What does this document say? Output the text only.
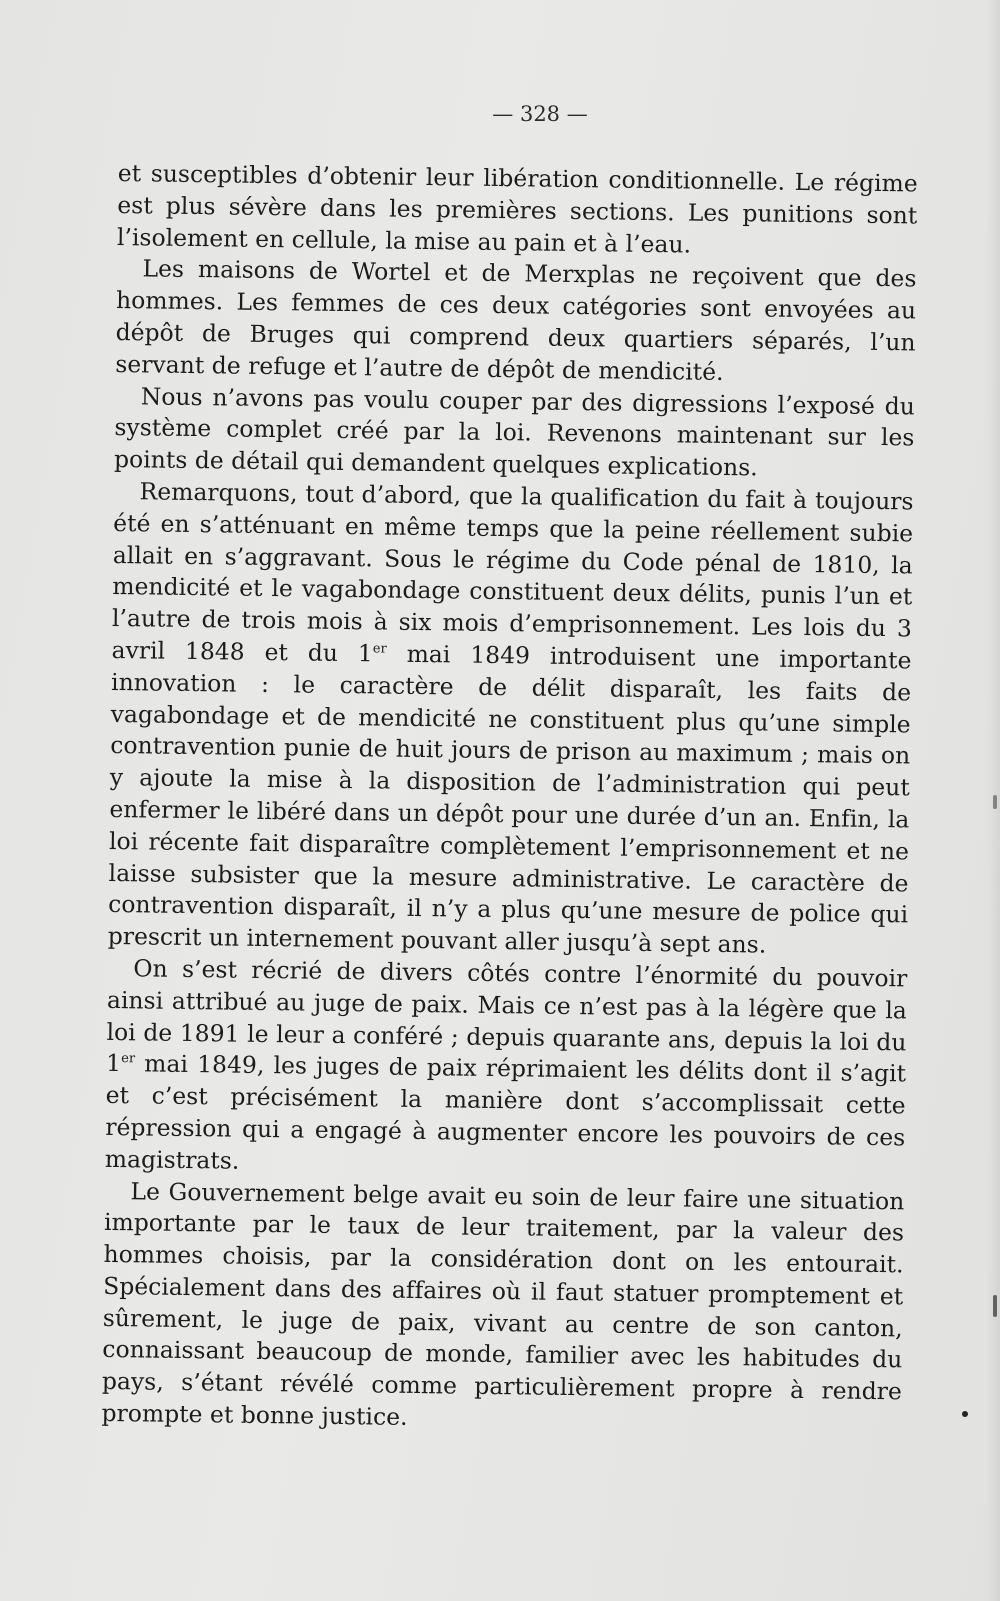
— 328 —

et susceptibles d’obtenir leur libération conditionnelle. Le régime est plus sévère dans les premières sections. Les punitions sont l’isolement en cellule, la mise au pain et à l’eau.

Les maisons de Wortel et de Merxplas ne reçoivent que des hommes. Les femmes de ces deux catégories sont envoyées au dépôt de Bruges qui comprend deux quartiers séparés, l’un servant de refuge et l’autre de dépôt de mendicité.

Nous n’avons pas voulu couper par des digressions l’exposé du système complet créé par la loi. Revenons maintenant sur les points de détail qui demandent quelques explications.

Remarquons, tout d’abord, que la qualification du fait à toujours été en s’atténuant en même temps que la peine réellement subie allait en s’aggravant. Sous le régime du Code pénal de 1810, la mendicité et le vagabondage constituent deux délits, punis l’un et l’autre de trois mois à six mois d’emprisonnement. Les lois du 3 avril 1848 et du 1er mai 1849 introduisent une importante innovation : le caractère de délit disparaît, les faits de vagabondage et de mendicité ne constituent plus qu’une simple contravention punie de huit jours de prison au maximum ; mais on y ajoute la mise à la disposition de l’administration qui peut enfermer le libéré dans un dépôt pour une durée d’un an. Enfin, la loi récente fait disparaître complètement l’emprisonnement et ne laisse subsister que la mesure administrative. Le caractère de contravention disparaît, il n’y a plus qu’une mesure de police qui prescrit un internement pouvant aller jusqu’à sept ans.

On s’est récrié de divers côtés contre l’énormité du pouvoir ainsi attribué au juge de paix. Mais ce n’est pas à la légère que la loi de 1891 le leur a conféré ; depuis quarante ans, depuis la loi du 1er mai 1849, les juges de paix réprimaient les délits dont il s’agit et c’est précisément la manière dont s’accomplissait cette répression qui a engagé à augmenter encore les pouvoirs de ces magistrats.

Le Gouvernement belge avait eu soin de leur faire une situation importante par le taux de leur traitement, par la valeur des hommes choisis, par la considération dont on les entourait. Spécialement dans des affaires où il faut statuer promptement et sûrement, le juge de paix, vivant au centre de son canton, connaissant beaucoup de monde, familier avec les habitudes du pays, s’étant révélé comme particulièrement propre à rendre prompte et bonne justice.
